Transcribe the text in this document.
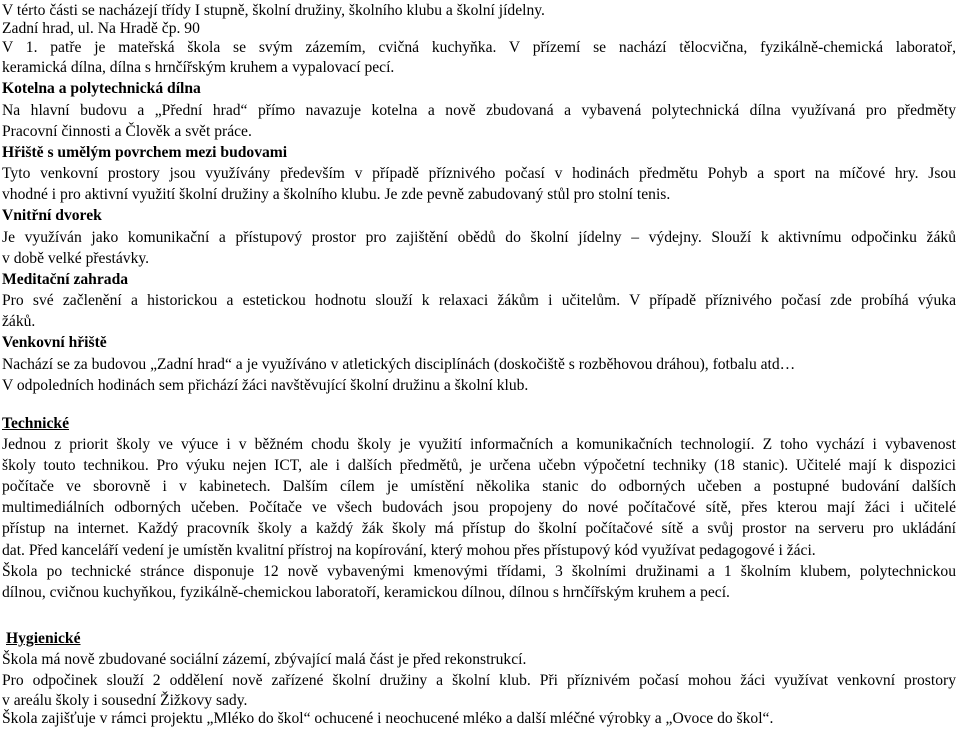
V térto části se nacházejí třídy I stupně, školní družiny, školního klubu a školní jídelny.
Zadní hrad, ul. Na Hradě čp. 90
V 1. patře je mateřská škola se svým zázemím, cvičná kuchyňka. V přízemí se nachází tělocvična, fyzikálně-chemická laboratoř,
keramická dílna, dílna s hrnčířským kruhem a vypalovací pecí.
Kotelna a polytechnická dílna
Na hlavní budovu a „Přední hrad“ přímo navazuje kotelna a nově zbudovaná a vybavená polytechnická dílna využívaná pro předměty
Pracovní činnosti a Člověk a svět práce.
Hřiště s umělým povrchem mezi budovami
Tyto venkovní prostory jsou využívány především v případě příznivého počasí v hodinách předmětu Pohyb a sport na míčové hry. Jsou
vhodné i pro aktivní využití školní družiny a školního klubu. Je zde pevně zabudovaný stůl pro stolní tenis.
Vnitřní dvorek
Je využíván jako komunikační a přístupový prostor pro zajištění obědů do školní jídelny – výdejny. Slouží k aktivnímu odpočinku žáků
v době velké přestávky.
Meditační zahrada
Pro své začlenění a historickou a estetickou hodnotu slouží k relaxaci žákům i učitelům. V případě příznivého počasí zde probíhá výuka
žáků.
Venkovní hřiště
Nachází se za budovou „Zadní hrad“ a je využíváno v atletických disciplínách (doskočiště s rozběhovou dráhou), fotbalu atd…
V odpoledních hodinách sem přichází žáci navštěvující školní družinu a školní klub.
Technické
Jednou z priorit školy ve výuce i v běžném chodu školy je využití informačních a komunikačních technologií. Z toho vychází i vybavenost
školy touto technikou. Pro výuku nejen ICT, ale i dalších předmětů, je určena učebn výpočetní techniky (18 stanic). Učitelé mají k dispozici
počítače ve sborovně i v kabinetech. Dalším cílem je umístění několika stanic do odborných učeben a postupné budování dalších
multimediálních odborných učeben. Počítače ve všech budovách jsou propojeny do nové počítačové sítě, přes kterou mají žáci i učitelé
přístup na internet. Každý pracovník školy a každý žák školy má přístup do školní počítačové sítě a svůj prostor na serveru pro ukládání
dat. Před kanceláří vedení je umístěn kvalitní přístroj na kopírování, který mohou přes přístupový kód využívat pedagogové i žáci.
Škola po technické stránce disponuje 12 nově vybavenými kmenovými třídami, 3 školními družinami a 1 školním klubem, polytechnickou
dílnou, cvičnou kuchyňkou, fyzikálně-chemickou laboratoří, keramickou dílnou, dílnou s hrnčířským kruhem a pecí.
Hygienické
Škola má nově zbudované sociální zázemí, zbývající malá část je před rekonstrukcí.
Pro odpočinek slouží 2 oddělení nově zařízené školní družiny a školní klub. Při příznivém počasí mohou žáci využívat venkovní prostory
v areálu školy i sousední Žižkovy sady.
Škola zajišťuje v rámci projektu „Mléko do škol“ ochucené i neochucené mléko a další mléčné výrobky a „Ovoce do škol“.
